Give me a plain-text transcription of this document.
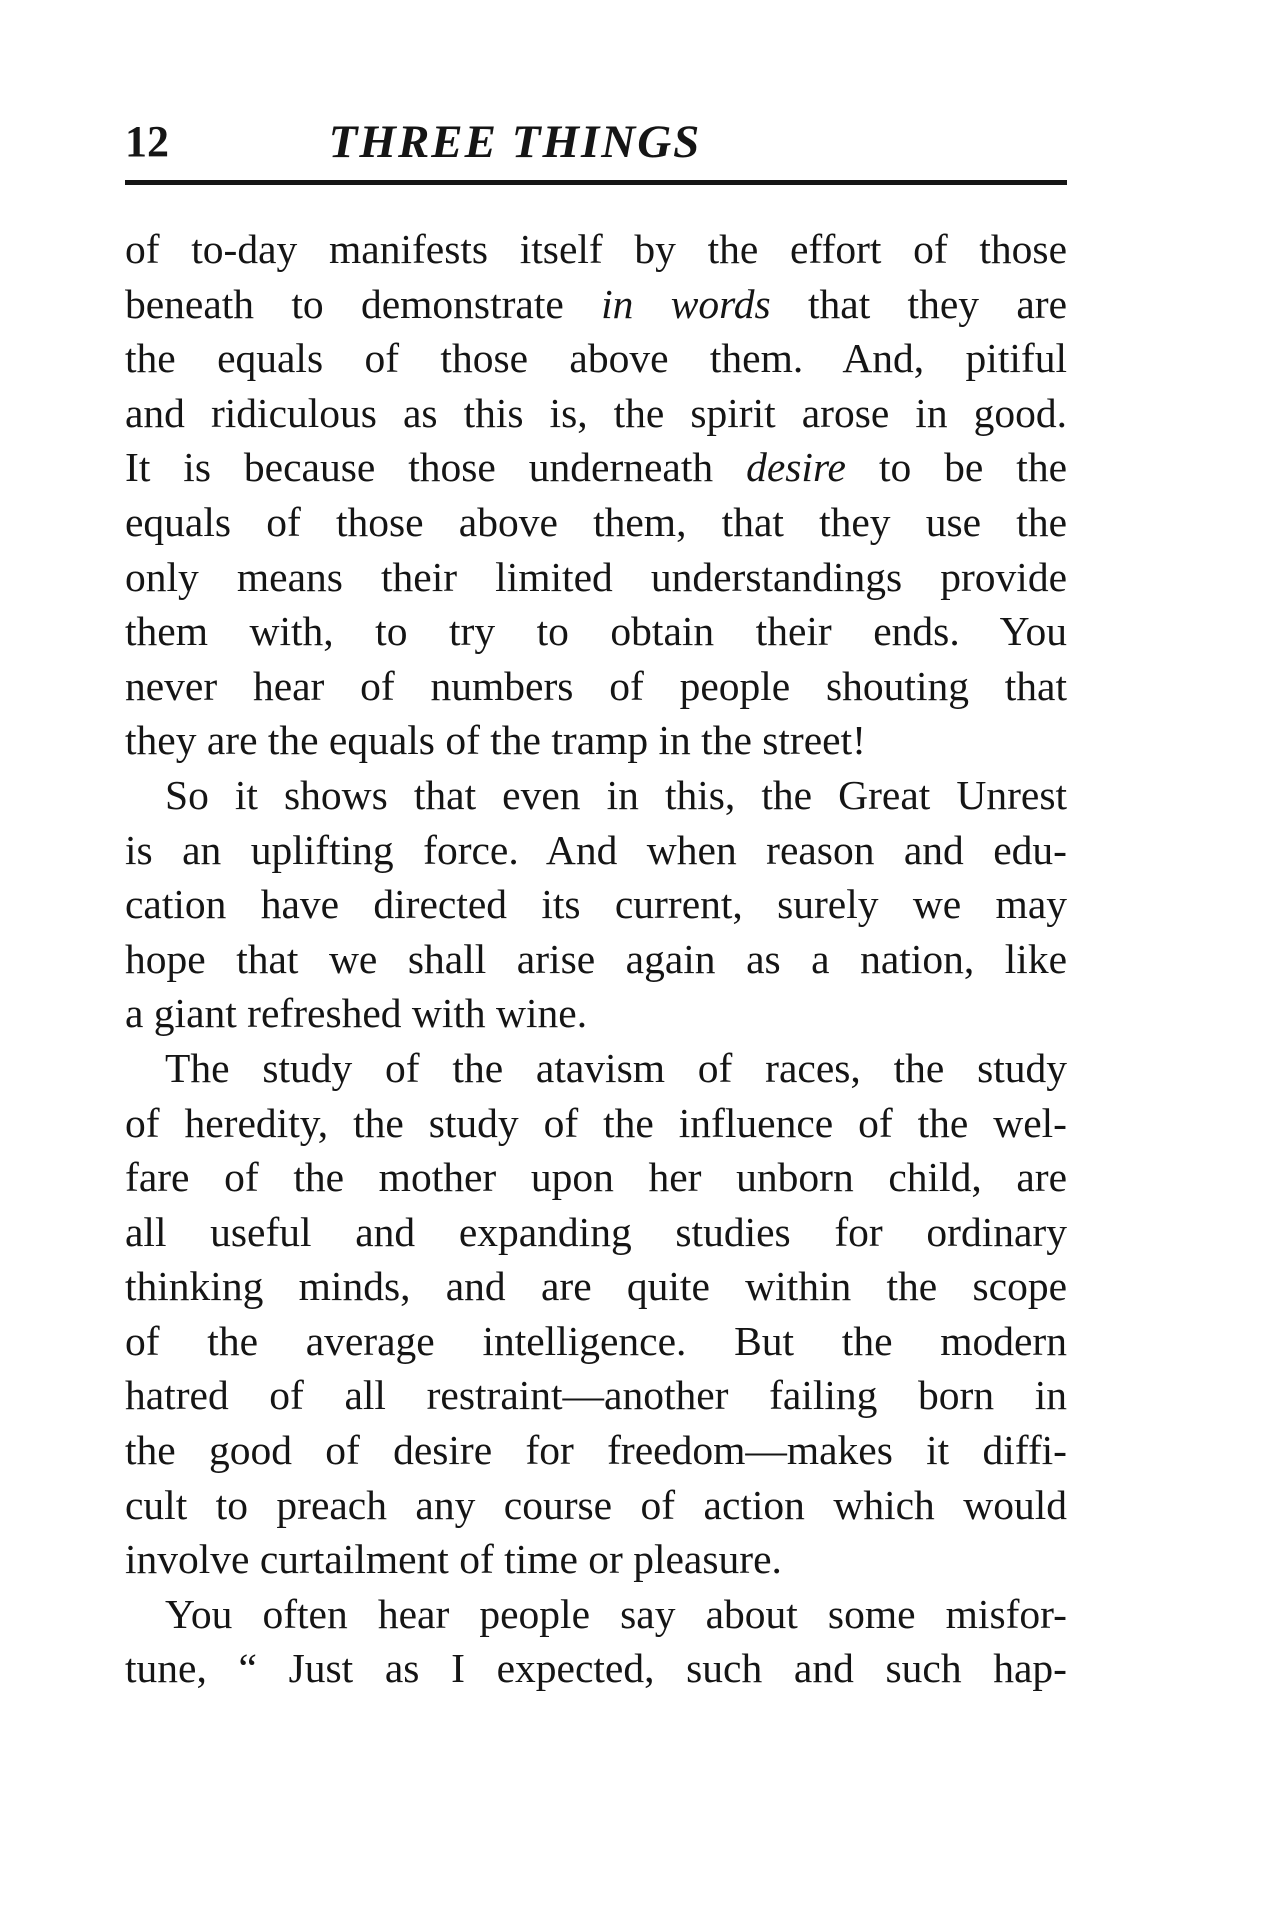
12	THREE THINGS
of to-day manifests itself by the effort of those
beneath to demonstrate in words that they are
the equals of those above them. And, pitiful
and ridiculous as this is, the spirit arose in good.
It is because those underneath desire to be the
equals of those above them, that they use the
only means their limited understandings provide
them with, to try to obtain their ends. You
never hear of numbers of people shouting that
they are the equals of the tramp in the street!
So it shows that even in this, the Great Unrest
is an uplifting force. And when reason and edu-
cation have directed its current, surely we may
hope that we shall arise again as a nation, like
a giant refreshed with wine.
The study of the atavism of races, the study
of heredity, the study of the influence of the wel-
fare of the mother upon her unborn child, are
all useful and expanding studies for ordinary
thinking minds, and are quite within the scope
of the average intelligence. But the modern
hatred of all restraint—another failing born in
the good of desire for freedom—makes it diffi-
cult to preach any course of action which would
involve curtailment of time or pleasure.
You often hear people say about some misfor-
tune, “ Just as I expected, such and such hap-
